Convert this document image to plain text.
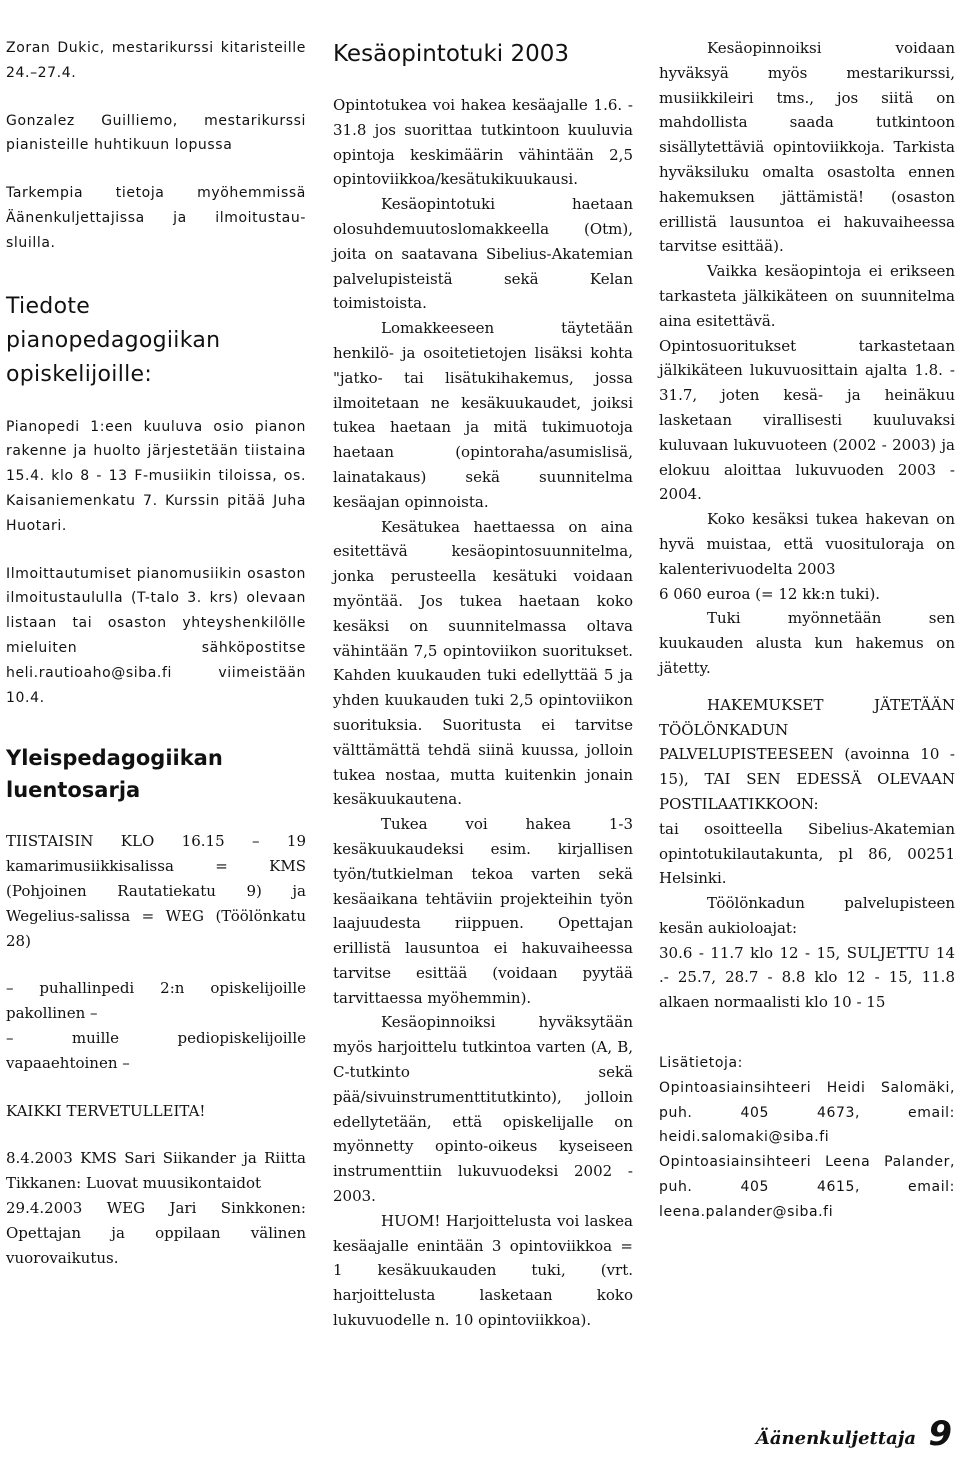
Zoran Dukic, mestarikurssi kitaristeille 24.–27.4.

Gonzalez Guilliemo, mestarikurssi pianisteille huhtikuun lopussa

Tarkempia tietoja myöhemmissä Äänenkuljettajissa ja ilmoitustau-sluilla.

Tiedote pianopedagogiikan opiskelijoille:

Pianopedi 1:een kuuluva osio pianon rakenne ja huolto järjestetään tiistaina 15.4. klo 8 - 13 F-musiikin tiloissa, os. Kaisaniemenkatu 7. Kurssin pitää Juha Huotari.

Ilmoittautumiset pianomusiikin osaston ilmoitustaululla (T-talo 3. krs) olevaan listaan tai osaston yhteyshenkilölle mieluiten sähköpostitse heli.rautioaho@siba.fi viimeistään 10.4.

Yleispedagogiikan luentosarja

TIISTAISIN KLO 16.15 – 19 kamarimusiikkisalissa = KMS (Pohjoinen Rautatiekatu 9) ja Wegelius-salissa = WEG (Töölönkatu 28)

– puhallinpedi 2:n opiskelijoille pakollinen –

– muille pediopiskelijoille vapaaehtoinen –

KAIKKI TERVETULLEITA!

8.4.2003 KMS Sari Siikander ja Riitta Tikkanen: Luovat muusikontaidot

29.4.2003 WEG Jari Sinkkonen: Opettajan ja oppilaan välinen vuorovaikutus.

Kesäopintotuki 2003

Opintotukea voi hakea kesäajalle 1.6. - 31.8 jos suorittaa tutkintoon kuuluvia opintoja keskimäärin vähintään 2,5 opintoviikkoa/kesätukikuukausi.

Kesäopintotuki haetaan olosuhdemuutoslomakkeella (Otm), joita on saatavana Sibelius-Akatemian palvelupisteistä sekä Kelan toimistoista.

Lomakkeeseen täytetään henkilö- ja osoitetietojen lisäksi kohta "jatko- tai lisätukihakemus, jossa ilmoitetaan ne kesäkuukaudet, joiksi tukea haetaan ja mitä tukimuotoja haetaan (opintoraha/asumislisä, lainatakaus) sekä suunnitelma kesäajan opinnoista.

Kesätukea haettaessa on aina esitettävä kesäopintosuunnitelma, jonka perusteella kesätuki voidaan myöntää. Jos tukea haetaan koko kesäksi on suunnitelmassa oltava vähintään 7,5 opintoviikon suoritukset. Kahden kuukauden tuki edellyttää 5 ja yhden kuukauden tuki 2,5 opintoviikon suorituksia. Suoritusta ei tarvitse välttämättä tehdä siinä kuussa, jolloin tukea nostaa, mutta kuitenkin jonain kesäkuukautena.

Tukea voi hakea 1-3 kesäkuukaudeksi esim. kirjallisen työn/tutkielman tekoa varten sekä kesäaikana tehtäviin projekteihin työn laajuudesta riippuen. Opettajan erillistä lausuntoa ei hakuvaiheessa tarvitse esittää (voidaan pyytää tarvittaessa myöhemmin).

Kesäopinnoiksi hyväksytään myös harjoittelu tutkintoa varten (A, B, C-tutkinto sekä pää/sivuinstrumenttitutkinto), jolloin edellytetään, että opiskelijalle on myönnetty opinto-oikeus kyseiseen instrumenttiin lukuvuodeksi 2002 - 2003.

HUOM! Harjoittelusta voi laskea kesäajalle enintään 3 opintoviikkoa = 1 kesäkuukauden tuki, (vrt. harjoittelusta lasketaan koko lukuvuodelle n. 10 opintoviikkoa).

Kesäopinnoiksi voidaan hyväksyä myös mestarikurssi, musiikkileiri tms., jos siitä on mahdollista saada tutkintoon sisällytettäviä opintoviikkoja. Tarkista hyväksiluku omalta osastolta ennen hakemuksen jättämistä! (osaston erillistä lausuntoa ei hakuvaiheessa tarvitse esittää).

Vaikka kesäopintoja ei erikseen tarkasteta jälkikäteen on suunnitelma aina esitettävä.

Opintosuoritukset tarkastetaan jälkikäteen lukuvuosittain ajalta 1.8. - 31.7, joten kesä- ja heinäkuu lasketaan virallisesti kuuluvaksi kuluvaan lukuvuoteen (2002 - 2003) ja elokuu aloittaa lukuvuoden 2003 - 2004.

Koko kesäksi tukea hakevan on hyvä muistaa, että vuosituloraja on kalenterivuodelta 2003

6 060 euroa (= 12 kk:n tuki).

Tuki myönnetään sen kuukauden alusta kun hakemus on jätetty.

HAKEMUKSET JÄTETÄÄN TÖÖLÖNKADUN PALVELUPISTEESEEN (avoinna 10 - 15), TAI SEN EDESSÄ OLEVAAN POSTILAATIKKOON:

tai osoitteella Sibelius-Akatemian opintotukilautakunta, pl 86, 00251 Helsinki.

Töölönkadun palvelupisteen kesän aukioloajat:

30.6 - 11.7 klo 12 - 15, SULJETTU 14 .- 25.7, 28.7 - 8.8 klo 12 - 15, 11.8 alkaen normaalisti klo 10 - 15

Lisätietoja:

Opintoasiainsihteeri Heidi Salomäki, puh. 405 4673, email: heidi.salomaki@siba.fi

Opintoasiainsihteeri Leena Palander, puh. 405 4615, email: leena.palander@siba.fi

Äänenkuljettaja 9
